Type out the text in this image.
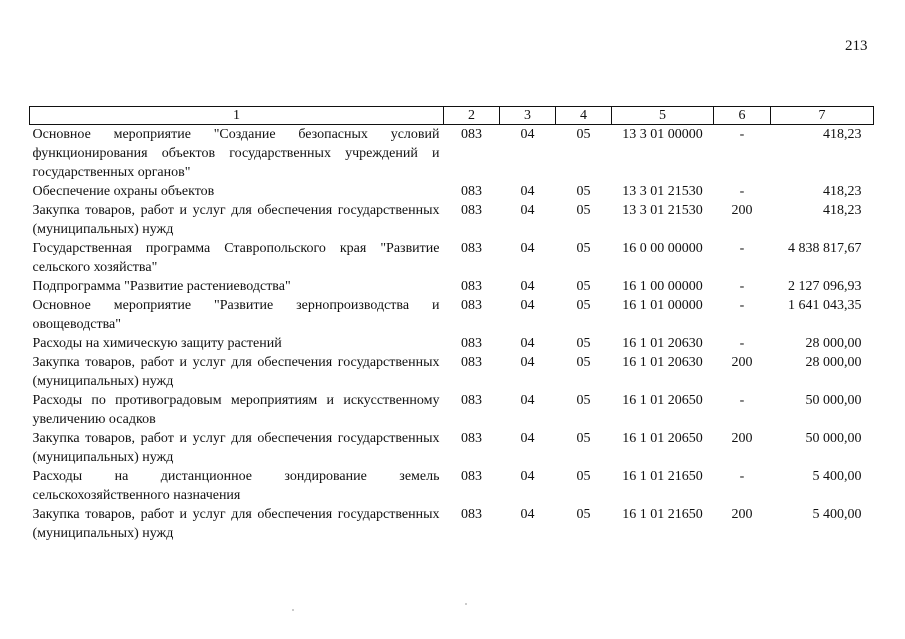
213
1	2	3	4	5	6	7
Основное мероприятие "Создание безопасных условий функционирования объектов государственных учреждений и государственных органов"	083	04	05	13 3 01 00000	-	418,23
Обеспечение охраны объектов	083	04	05	13 3 01 21530	-	418,23
Закупка товаров, работ и услуг для обеспечения государственных (муниципальных) нужд	083	04	05	13 3 01 21530	200	418,23
Государственная программа Ставропольского края "Развитие сельского хозяйства"	083	04	05	16 0 00 00000	-	4 838 817,67
Подпрограмма "Развитие растениеводства"	083	04	05	16 1 00 00000	-	2 127 096,93
Основное мероприятие "Развитие зернопроизводства и овощеводства"	083	04	05	16 1 01 00000	-	1 641 043,35
Расходы на химическую защиту растений	083	04	05	16 1 01 20630	-	28 000,00
Закупка товаров, работ и услуг для обеспечения государственных (муниципальных) нужд	083	04	05	16 1 01 20630	200	28 000,00
Расходы по противоградовым мероприятиям и искусственному увеличению осадков	083	04	05	16 1 01 20650	-	50 000,00
Закупка товаров, работ и услуг для обеспечения государственных (муниципальных) нужд	083	04	05	16 1 01 20650	200	50 000,00
Расходы на дистанционное зондирование земель сельскохозяйственного назначения	083	04	05	16 1 01 21650	-	5 400,00
Закупка товаров, работ и услуг для обеспечения государственных (муниципальных) нужд	083	04	05	16 1 01 21650	200	5 400,00
